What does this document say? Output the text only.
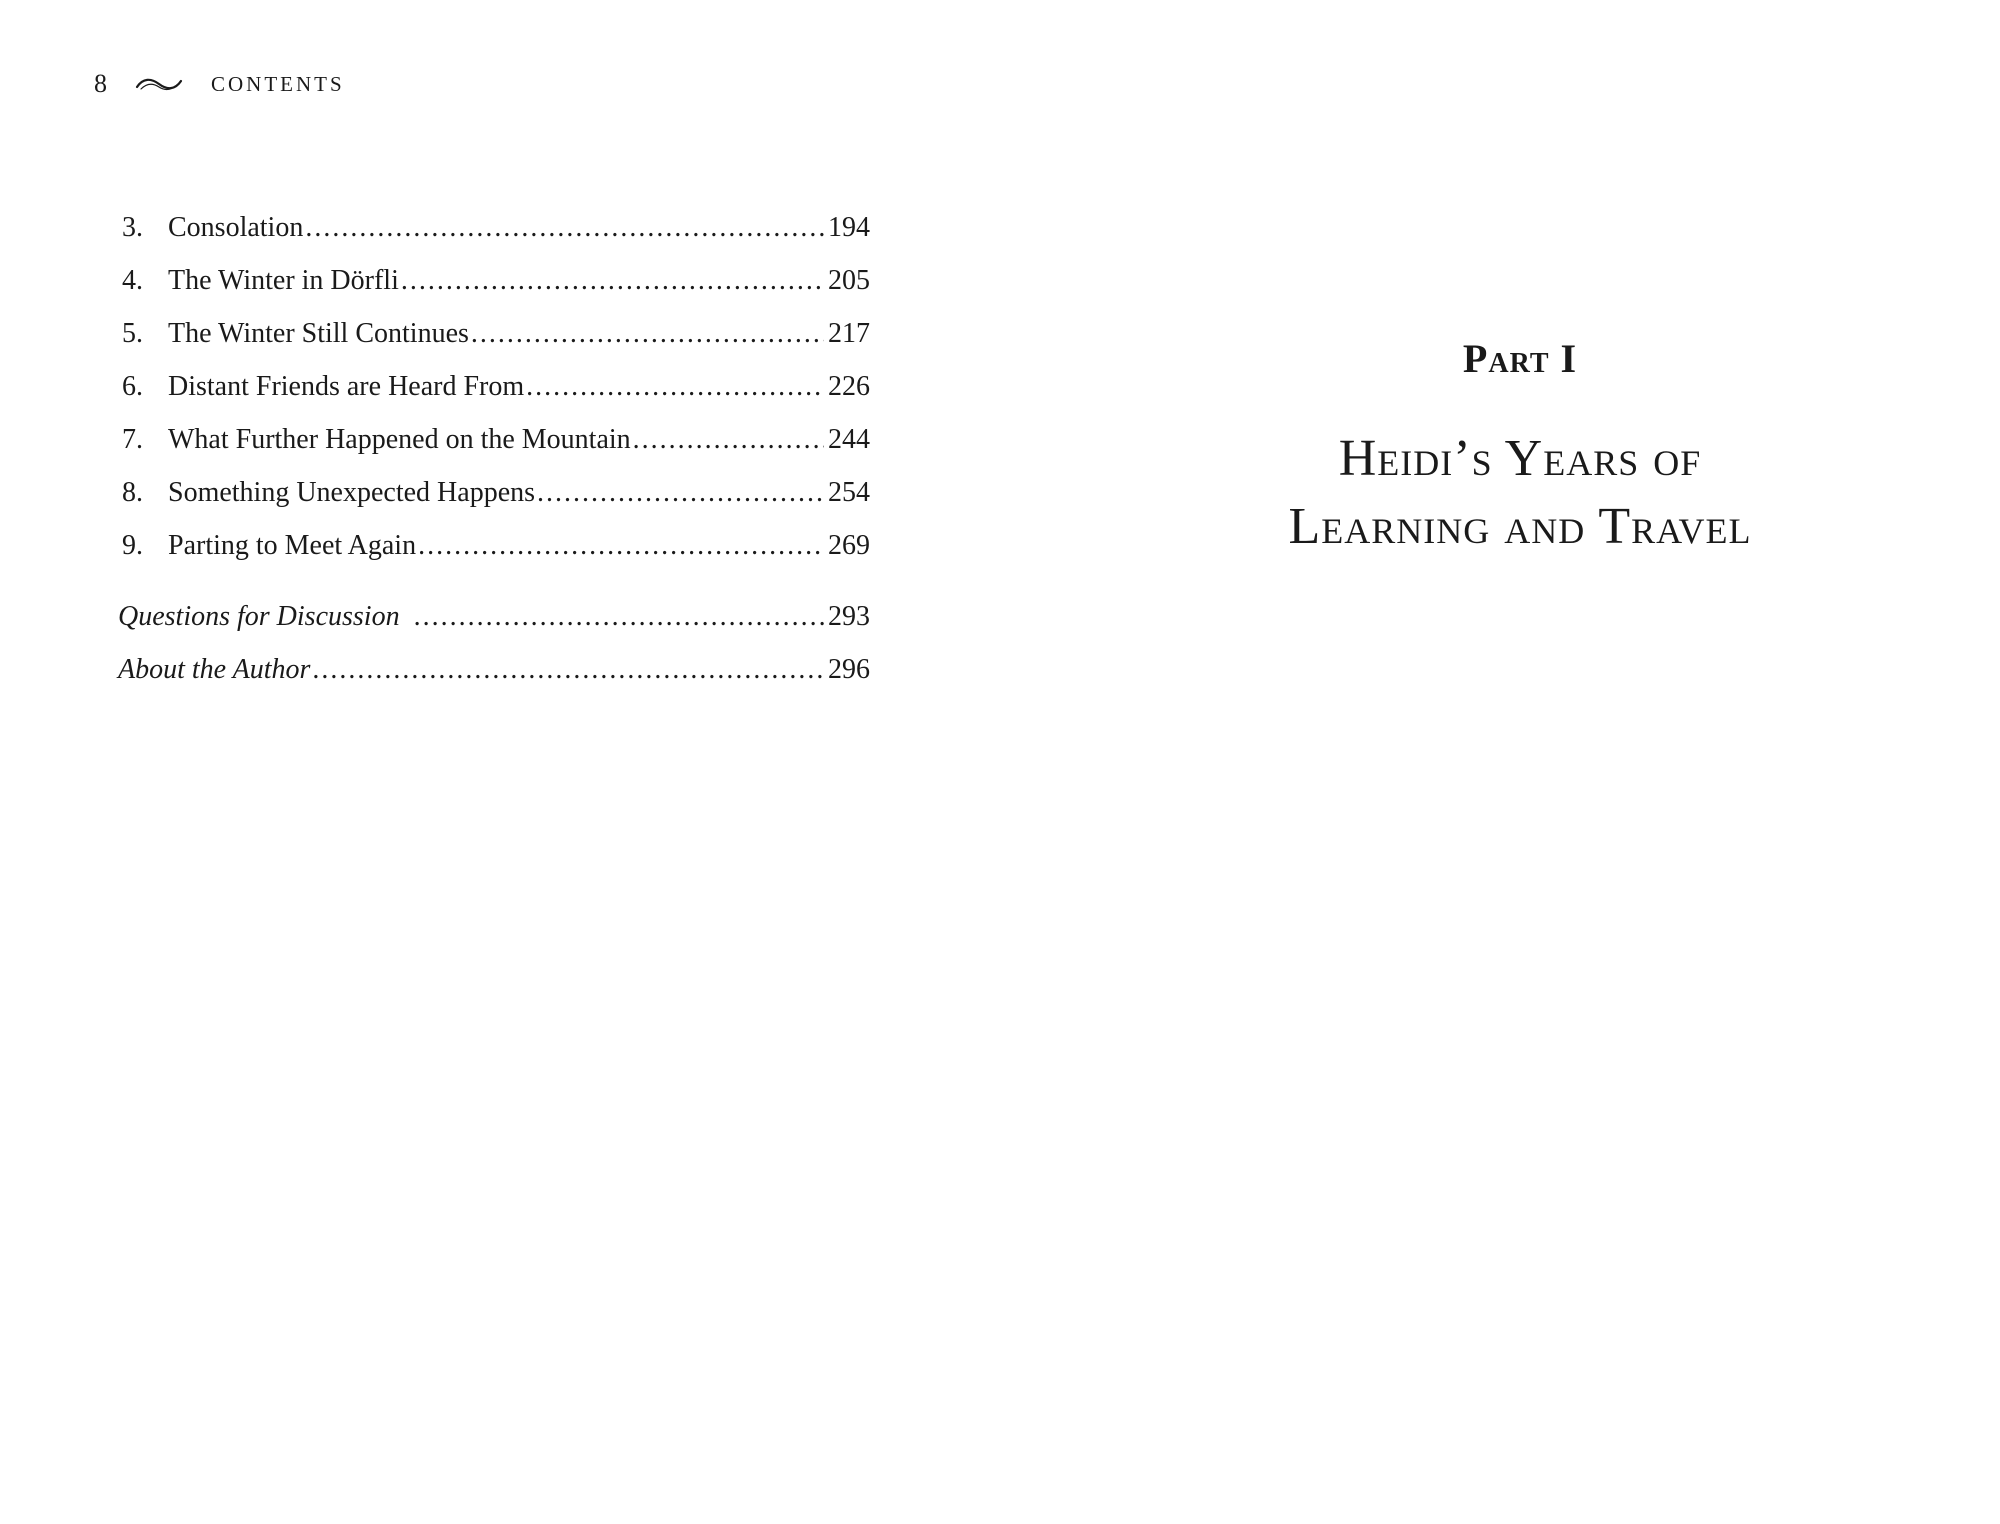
8	CONTENTS
3. Consolation .....	194
4. The Winter in Dörfli .....	205
5. The Winter Still Continues .....	217
6. Distant Friends are Heard From .....	226
7. What Further Happened on the Mountain .....	244
8. Something Unexpected Happens .....	254
9. Parting to Meet Again .....	269
Questions for Discussion .....	293
About the Author .....	296
Part I
Heidi’s Years of
Learning and Travel
